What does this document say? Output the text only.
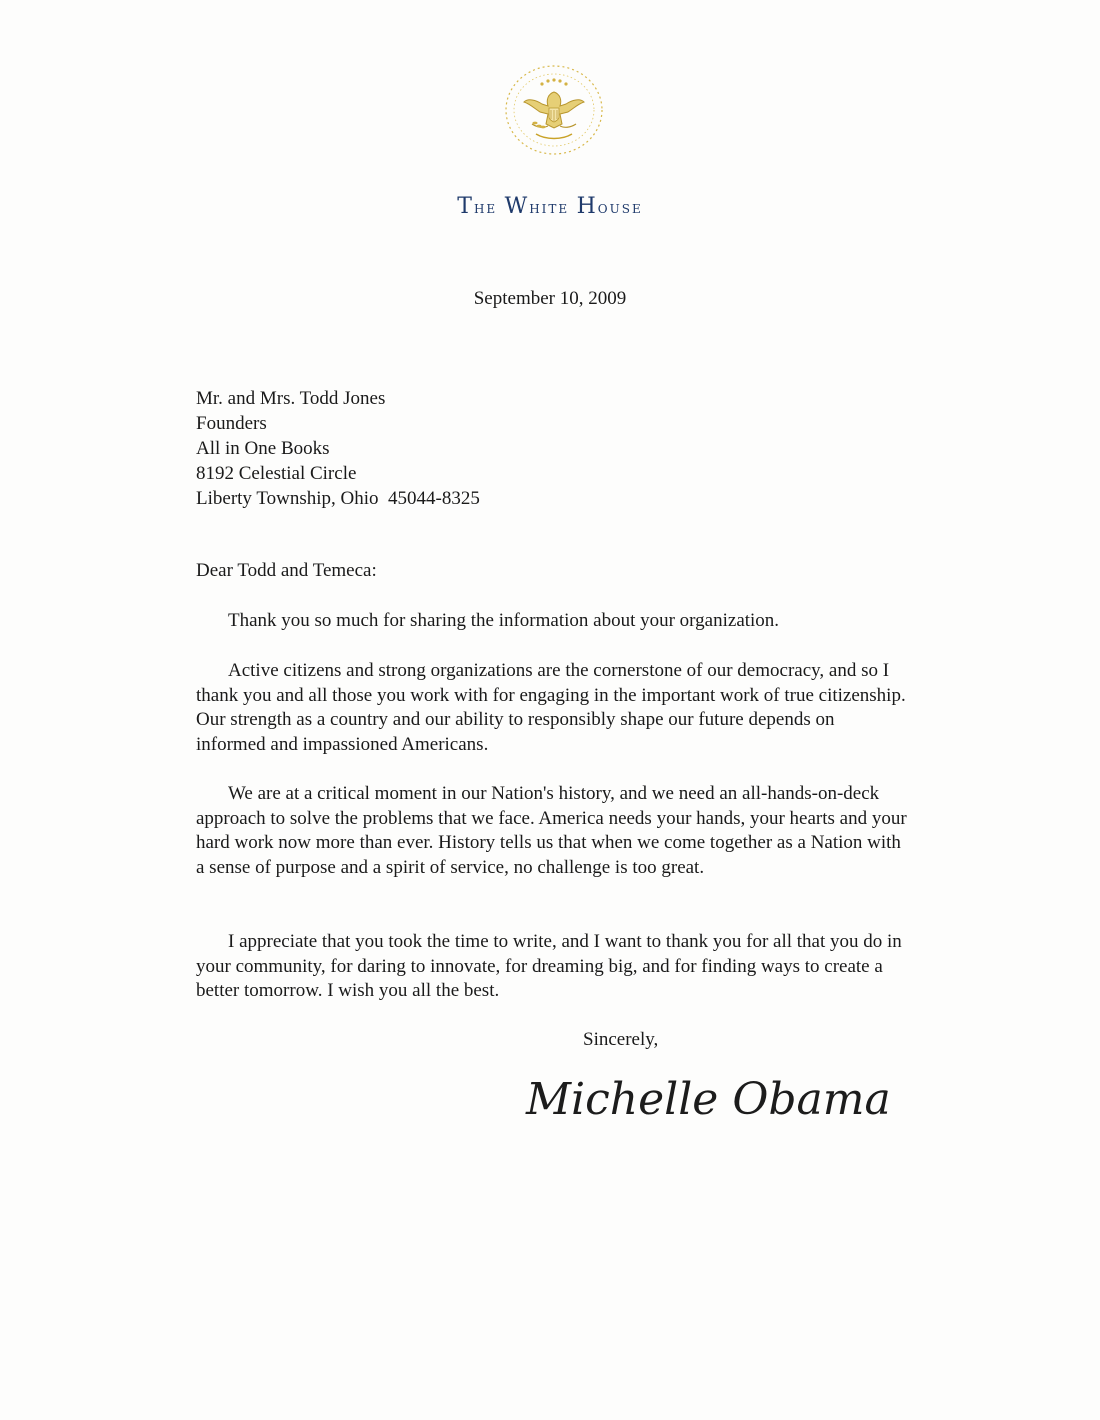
The White House
September 10, 2009
Mr. and Mrs. Todd Jones
Founders
All in One Books
8192 Celestial Circle
Liberty Township, Ohio  45044-8325
Dear Todd and Temeca:

Thank you so much for sharing the information about your organization.

Active citizens and strong organizations are the cornerstone of our democracy, and so I thank you and all those you work with for engaging in the important work of true citizenship. Our strength as a country and our ability to responsibly shape our future depends on informed and impassioned Americans.

We are at a critical moment in our Nation's history, and we need an all-hands-on-deck approach to solve the problems that we face. America needs your hands, your hearts and your hard work now more than ever. History tells us that when we come together as a Nation with a sense of purpose and a spirit of service, no challenge is too great.

I appreciate that you took the time to write, and I want to thank you for all that you do in your community, for daring to innovate, for dreaming big, and for finding ways to create a better tomorrow. I wish you all the best.

Sincerely,
Michelle Obama
